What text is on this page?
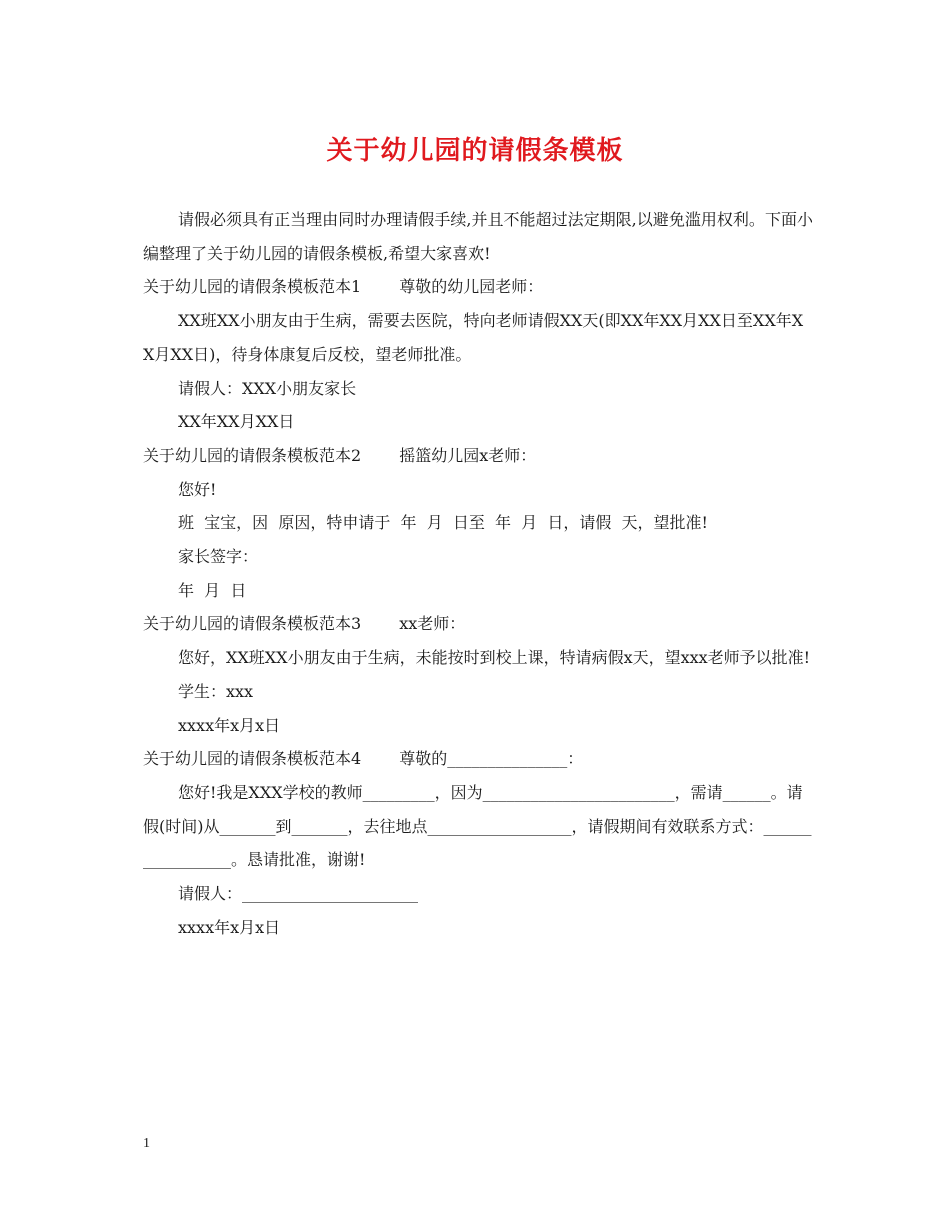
关于幼儿园的请假条模板

请假必须具有正当理由同时办理请假手续,并且不能超过法定期限,以避免滥用权利。下面小编整理了关于幼儿园的请假条模板,希望大家喜欢!

关于幼儿园的请假条模板范本1 尊敬的幼儿园老师：

XX班XX小朋友由于生病，需要去医院，特向老师请假XX天(即XX年XX月XX日至XX年XX月XX日)，待身体康复后反校，望老师批准。

请假人：XXX小朋友家长

XX年XX月XX日

关于幼儿园的请假条模板范本2 摇篮幼儿园x老师：

您好!

班  宝宝，因  原因，特申请于  年  月  日至  年  月  日，请假  天，望批准!

家长签字：

年  月  日

关于幼儿园的请假条模板范本3 xx老师：

您好，XX班XX小朋友由于生病，未能按时到校上课，特请病假x天，望xxx老师予以批准!

学生：xxx

xxxx年x月x日

关于幼儿园的请假条模板范本4 尊敬的_______________：

您好!我是XXX学校的教师_________，因为________________________，需请______。请假(时间)从_______到_______，去往地点__________________，请假期间有效联系方式：_________________。恳请批准，谢谢!

请假人：______________________

xxxx年x月x日

1
